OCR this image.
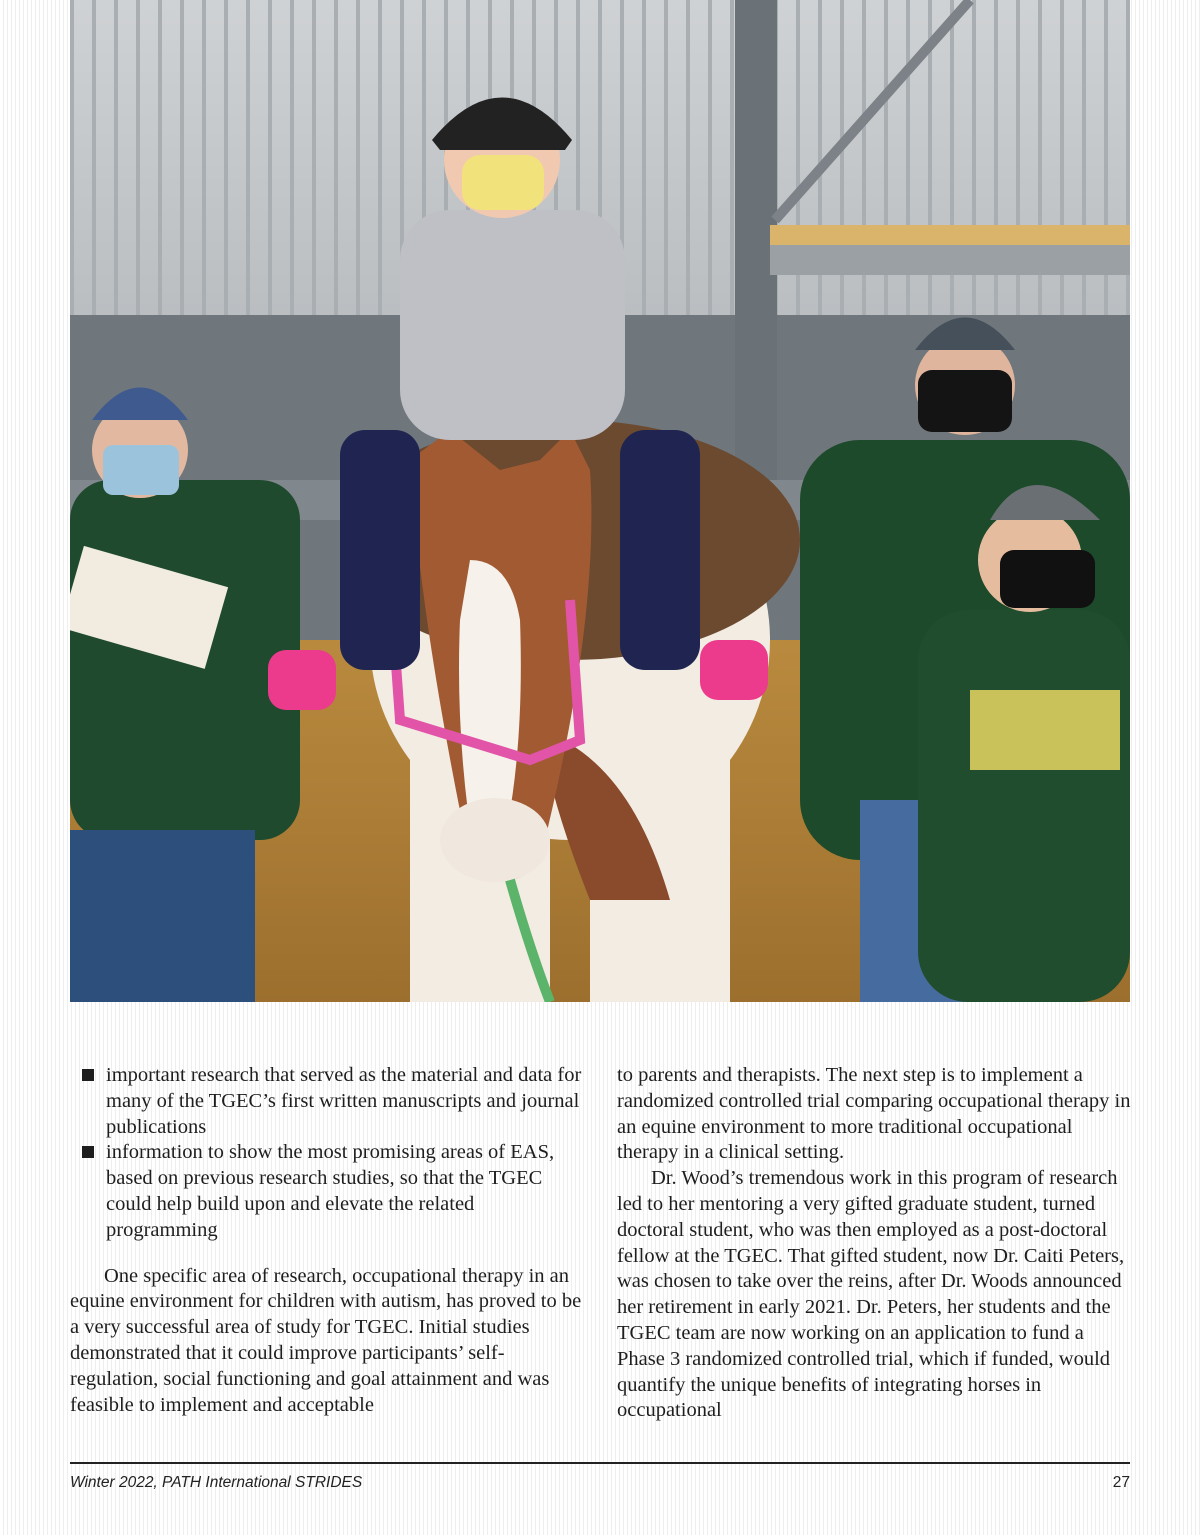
important research that served as the material and data for many of the TGEC’s first written manuscripts and journal publications
information to show the most promising areas of EAS, based on previous research studies, so that the TGEC could help build upon and elevate the related programming

One specific area of research, occupational therapy in an equine environment for children with autism, has proved to be a very successful area of study for TGEC. Initial studies demonstrated that it could improve participants’ self-regulation, social functioning and goal attainment and was feasible to implement and acceptable

to parents and therapists. The next step is to implement a randomized controlled trial comparing occupational therapy in an equine environment to more traditional occupational therapy in a clinical setting.

Dr. Wood’s tremendous work in this program of research led to her mentoring a very gifted graduate student, turned doctoral student, who was then employed as a post-doctoral fellow at the TGEC. That gifted student, now Dr. Caiti Peters, was chosen to take over the reins, after Dr. Woods announced her retirement in early 2021. Dr. Peters, her students and the TGEC team are now working on an application to fund a Phase 3 randomized controlled trial, which if funded, would quantify the unique benefits of integrating horses in occupational

Winter 2022, PATH International STRIDES	27
